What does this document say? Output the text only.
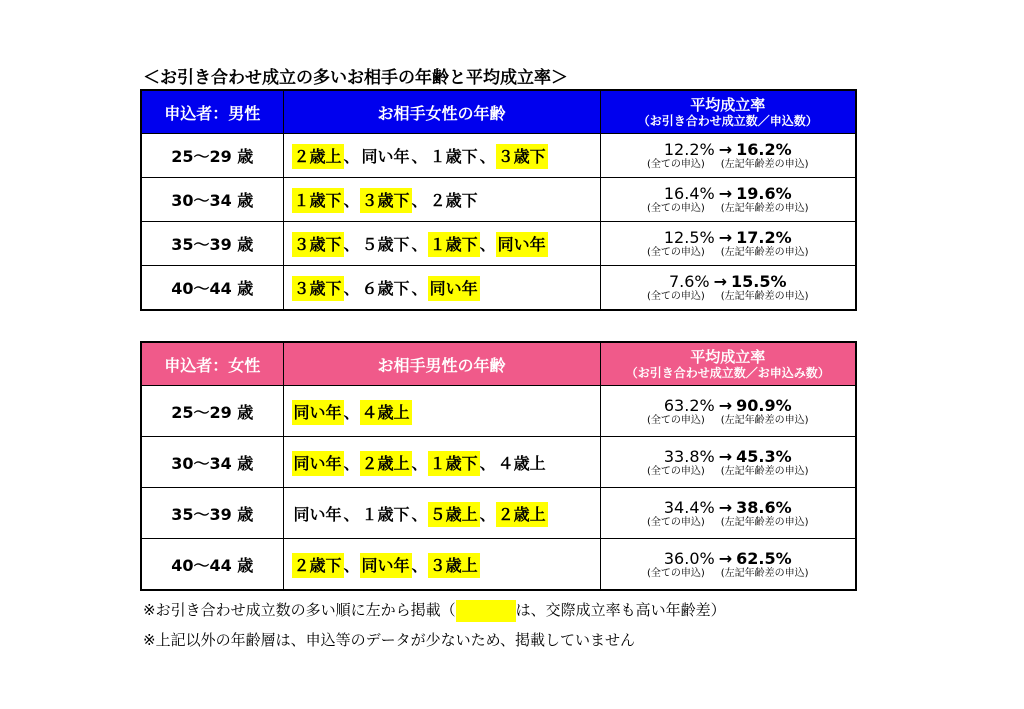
＜お引き合わせ成立の多いお相手の年齢と平均成立率＞
申込者：男性	お相手女性の年齢	平均成立率
（お引き合わせ成立数／申込数）

25～29 歳	２歳上 、 同い年 、 １歳下 、 ３歳下	12.2% → 16.2%
(全ての申込) (左記年齢差の申込)

30～34 歳	１歳下 、 ３歳下 、 ２歳下	16.4% → 19.6%
(全ての申込) (左記年齢差の申込)

35～39 歳	３歳下 、 ５歳下 、 １歳下 、 同い年	12.5% → 17.2%
(全ての申込) (左記年齢差の申込)

40～44 歳	３歳下 、 ６歳下 、 同い年	7.6% → 15.5%
(全ての申込) (左記年齢差の申込)
申込者：女性	お相手男性の年齢	平均成立率
（お引き合わせ成立数／お申込み数）

25～29 歳	同い年 、 ４歳上	63.2% → 90.9%
(全ての申込) (左記年齢差の申込)

30～34 歳	同い年 、 ２歳上 、 １歳下 、 ４歳上	33.8% → 45.3%
(全ての申込) (左記年齢差の申込)

35～39 歳	同い年 、 １歳下 、 ５歳上 、 ２歳上	34.4% → 38.6%
(全ての申込) (左記年齢差の申込)

40～44 歳	２歳下 、 同い年 、 ３歳上	36.0% → 62.5%
(全ての申込) (左記年齢差の申込)
※お引き合わせ成立数の多い順に左から掲載（	は、交際成立率も高い年齢差）
※上記以外の年齢層は、申込等のデータが少ないため、掲載していません
